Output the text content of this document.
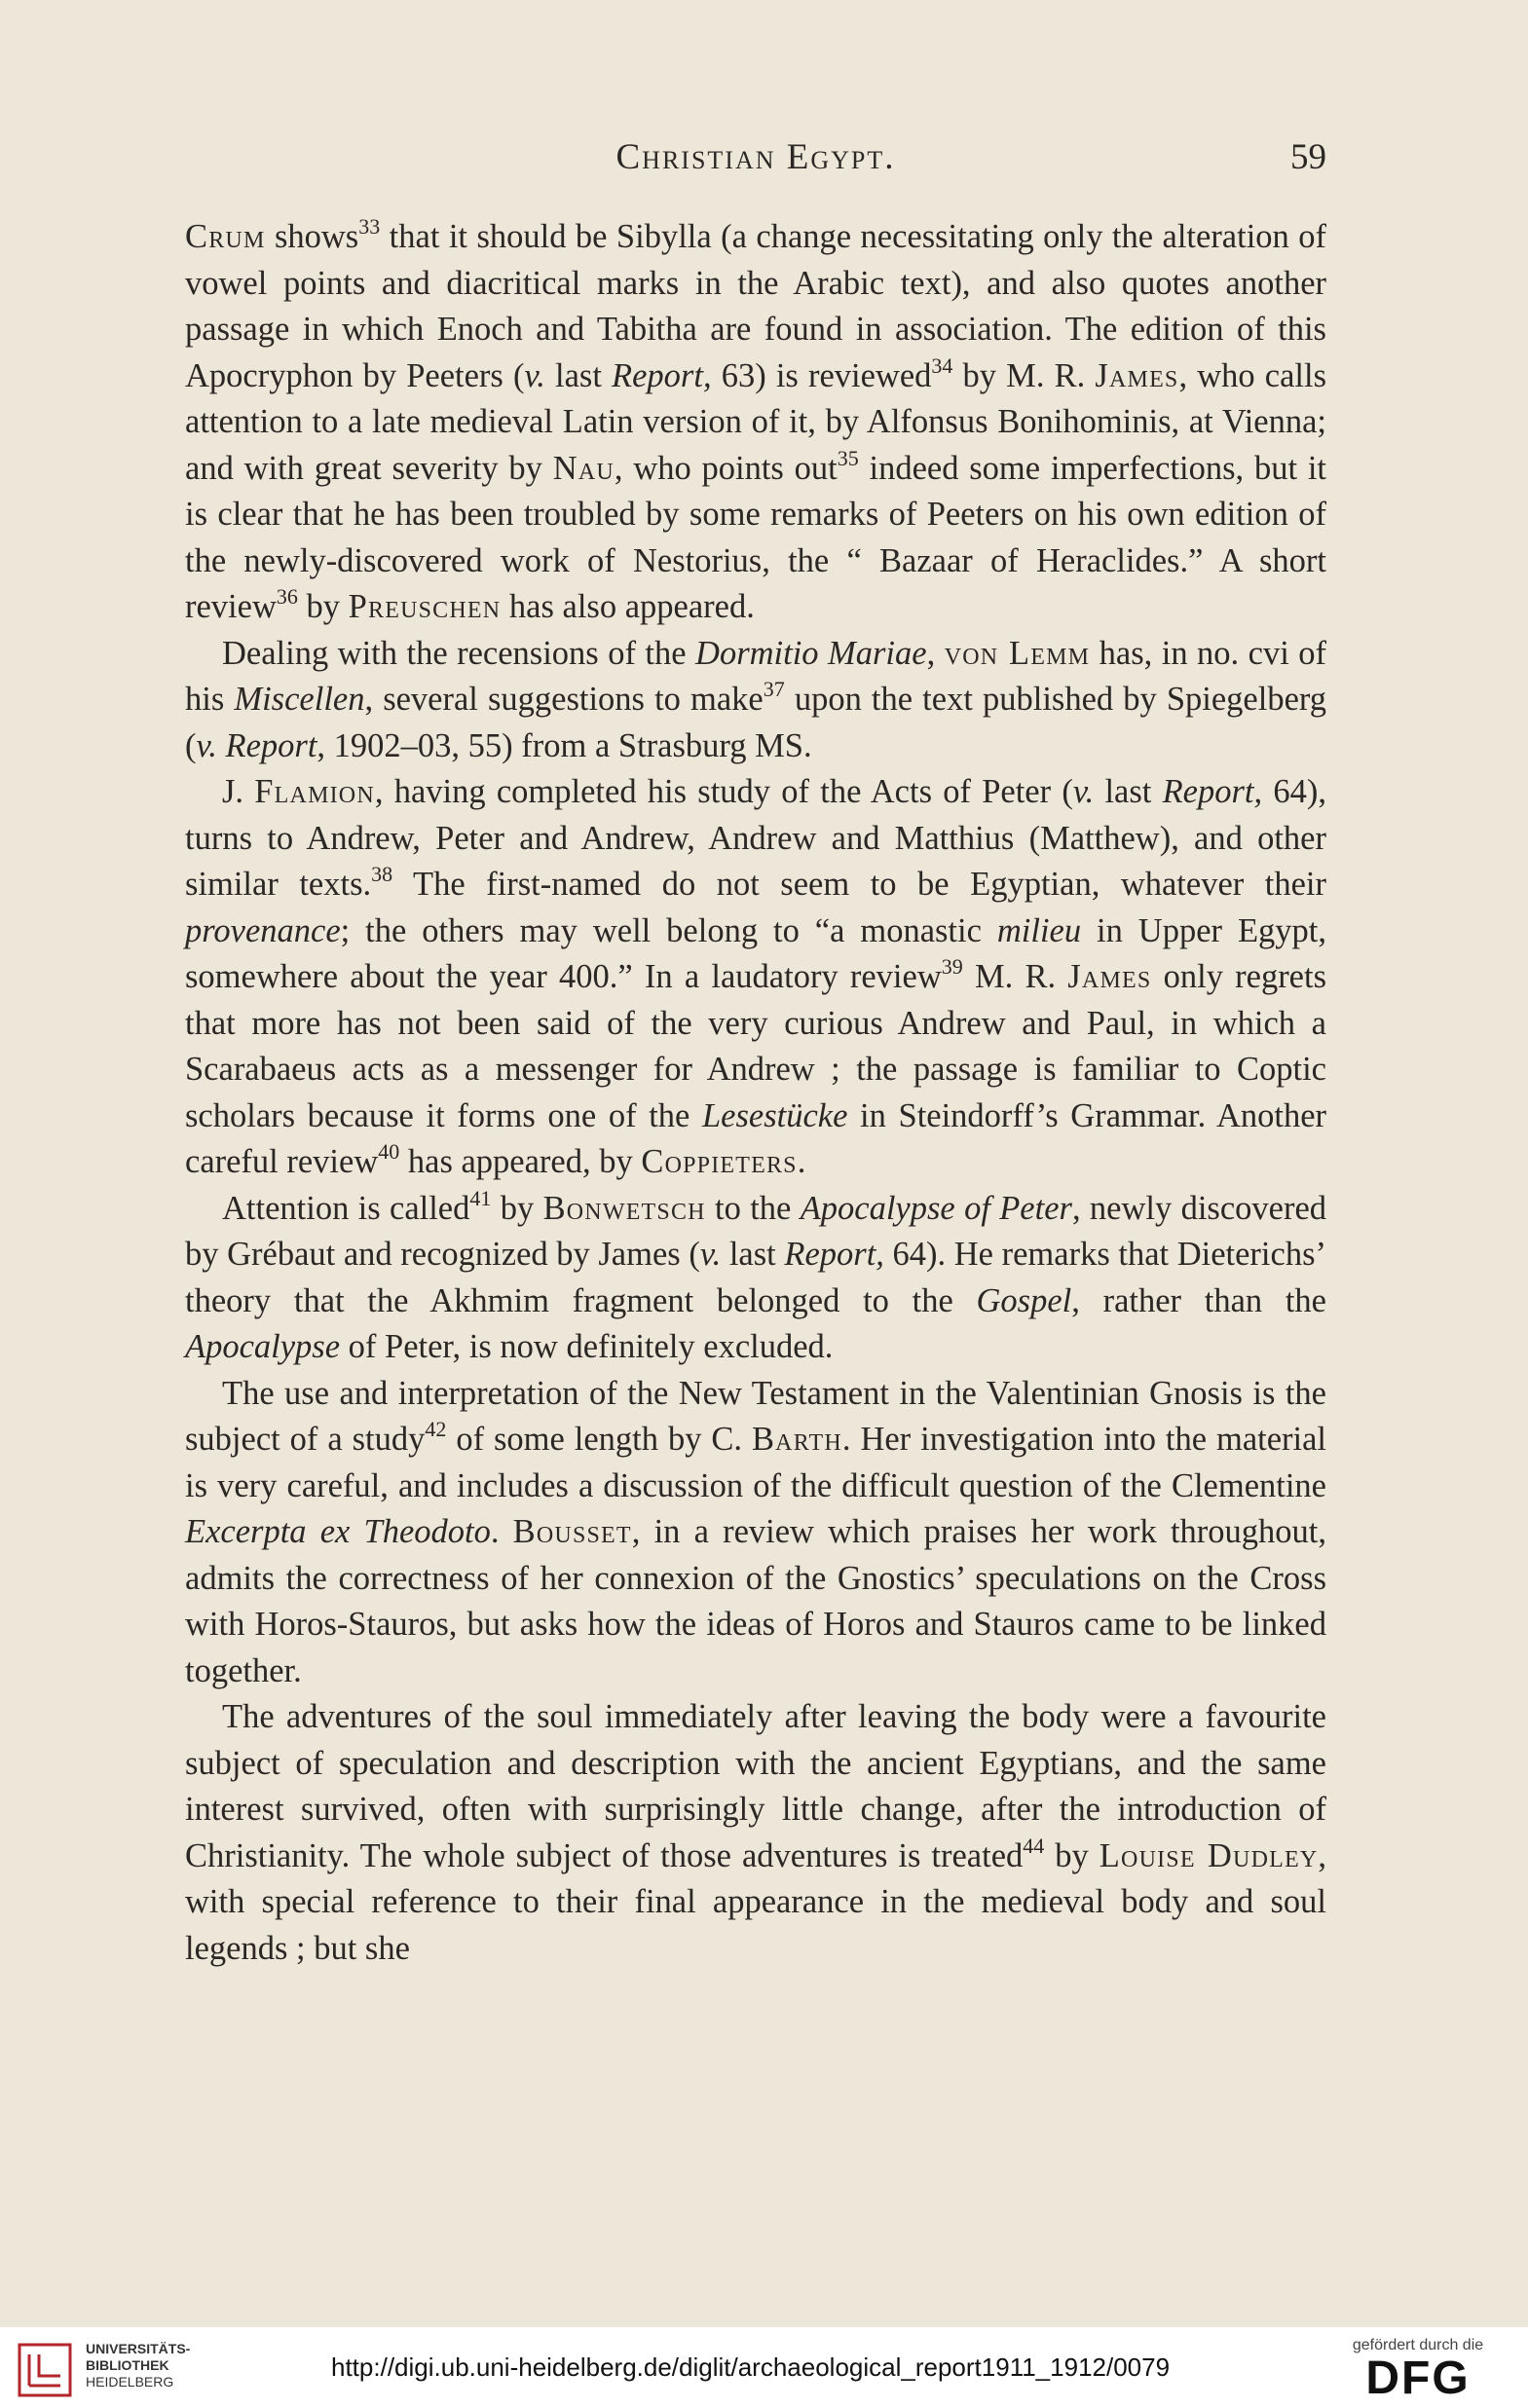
Christian Egypt.	59

Crum shows$^{33}$ that it should be Sibylla (a change necessitating only the alteration of vowel points and diacritical marks in the Arabic text), and also quotes another passage in which Enoch and Tabitha are found in association. The edition of this Apocryphon by Peeters (v. last Report, 63) is reviewed$^{34}$ by M. R. James, who calls attention to a late medieval Latin version of it, by Alfonsus Bonihominis, at Vienna; and with great severity by Nau, who points out$^{35}$ indeed some imperfections, but it is clear that he has been troubled by some remarks of Peeters on his own edition of the newly-discovered work of Nestorius, the “ Bazaar of Heraclides.” A short review$^{36}$ by Preuschen has also appeared.

Dealing with the recensions of the Dormitio Mariae, von Lemm has, in no. cvi of his Miscellen, several suggestions to make$^{37}$ upon the text published by Spiegelberg (v. Report, 1902–03, 55) from a Strasburg MS.

J. Flamion, having completed his study of the Acts of Peter (v. last Report, 64), turns to Andrew, Peter and Andrew, Andrew and Matthius (Matthew), and other similar texts.$^{38}$ The first-named do not seem to be Egyptian, whatever their provenance; the others may well belong to “a monastic milieu in Upper Egypt, somewhere about the year 400.” In a laudatory review$^{39}$ M. R. James only regrets that more has not been said of the very curious Andrew and Paul, in which a Scarabaeus acts as a messenger for Andrew ; the passage is familiar to Coptic scholars because it forms one of the Lesestücke in Steindorff’s Grammar. Another careful review$^{40}$ has appeared, by Coppieters.

Attention is called$^{41}$ by Bonwetsch to the Apocalypse of Peter, newly discovered by Grébaut and recognized by James (v. last Report, 64). He remarks that Dieterichs’ theory that the Akhmim fragment belonged to the Gospel, rather than the Apocalypse of Peter, is now definitely excluded.

The use and interpretation of the New Testament in the Valentinian Gnosis is the subject of a study$^{42}$ of some length by C. Barth. Her investigation into the material is very careful, and includes a discussion of the difficult question of the Clementine Excerpta ex Theodoto. Bousset, in a review which praises her work throughout, admits the correctness of her connexion of the Gnostics’ speculations on the Cross with Horos-Stauros, but asks how the ideas of Horos and Stauros came to be linked together.

The adventures of the soul immediately after leaving the body were a favourite subject of speculation and description with the ancient Egyptians, and the same interest survived, often with surprisingly little change, after the introduction of Christianity. The whole subject of those adventures is treated$^{44}$ by Louise Dudley, with special reference to their final appearance in the medieval body and soul legends ; but she

UNIVERSITÄTS-
BIBLIOTHEK
HEIDELBERG	http://digi.ub.uni-heidelberg.de/diglit/archaeological_report1911_1912/0079
gefördert durch die
DFG
